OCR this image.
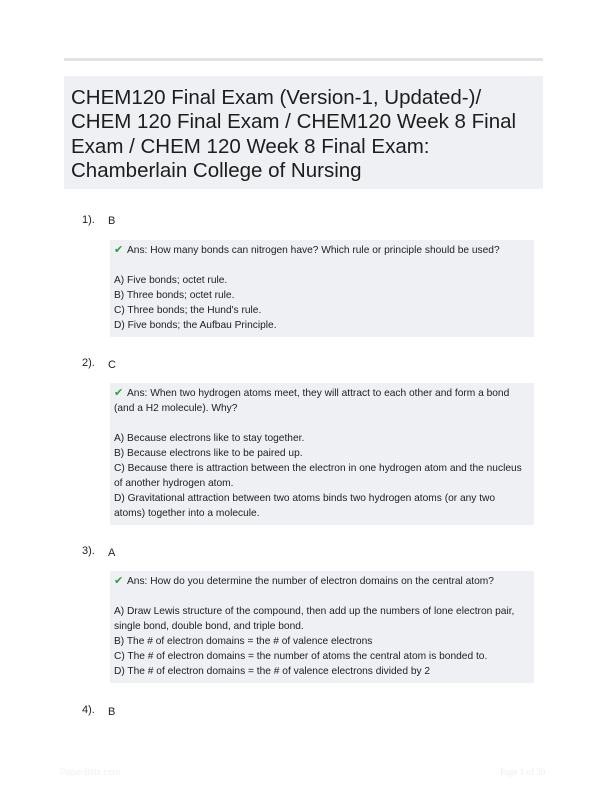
CHEM120 Final Exam (Version-1, Updated-)/ CHEM 120 Final Exam / CHEM120 Week 8 Final Exam / CHEM 120 Week 8 Final Exam: Chamberlain College of Nursing
1). B
✔ Ans: How many bonds can nitrogen have? Which rule or principle should be used?
A) Five bonds; octet rule.
B) Three bonds; octet rule.
C) Three bonds; the Hund's rule.
D) Five bonds; the Aufbau Principle.
2). C
✔ Ans: When two hydrogen atoms meet, they will attract to each other and form a bond (and a H2 molecule). Why?
A) Because electrons like to stay together.
B) Because electrons like to be paired up.
C) Because there is attraction between the electron in one hydrogen atom and the nucleus of another hydrogen atom.
D) Gravitational attraction between two atoms binds two hydrogen atoms (or any two atoms) together into a molecule.
3). A
✔ Ans: How do you determine the number of electron domains on the central atom?
A) Draw Lewis structure of the compound, then add up the numbers of lone electron pair, single bond, double bond, and triple bond.
B) The # of electron domains = the # of valence electrons
C) The # of electron domains = the number of atoms the central atom is bonded to.
D) The # of electron domains = the # of valence electrons divided by 2
4). B
PaperBlitz.com	Page 1 of 39
